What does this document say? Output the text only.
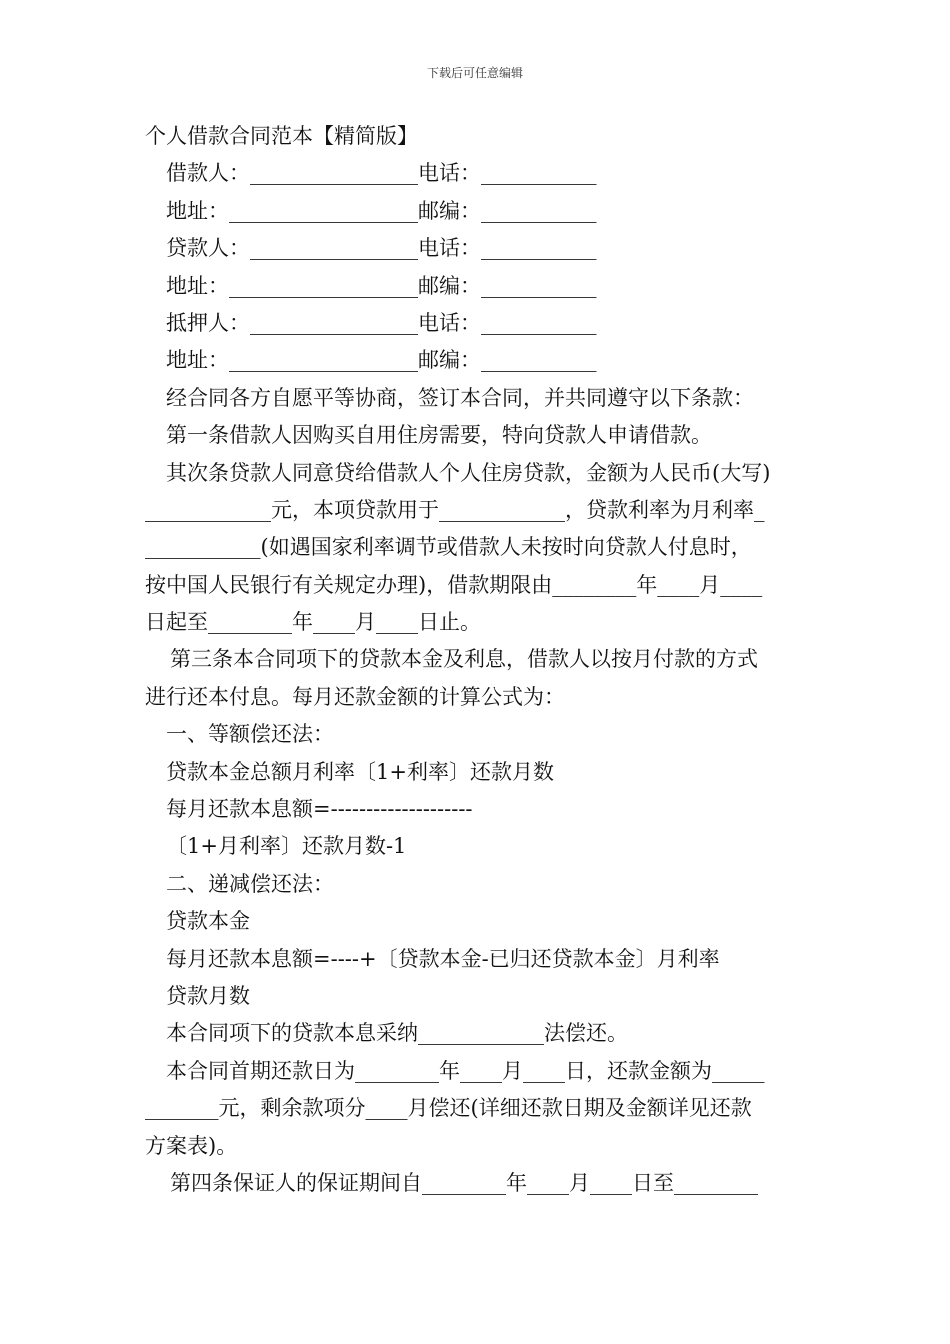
下载后可任意编辑
个人借款合同范本【精简版】
借款人：________________电话：___________
地址：__________________邮编：___________
贷款人：________________电话：___________
地址：__________________邮编：___________
抵押人：________________电话：___________
地址：__________________邮编：___________
经合同各方自愿平等协商，签订本合同，并共同遵守以下条款：
第一条借款人因购买自用住房需要，特向贷款人申请借款。
其次条贷款人同意贷给借款人个人住房贷款，金额为人民币(大写)
____________元，本项贷款用于____________，贷款利率为月利率_
___________(如遇国家利率调节或借款人未按时向贷款人付息时，
按中国人民银行有关规定办理)，借款期限由________年____月____
日起至________年____月____日止。
第三条本合同项下的贷款本金及利息，借款人以按月付款的方式
进行还本付息。每月还款金额的计算公式为：
一、等额偿还法：
贷款本金总额月利率〔1+利率〕还款月数
每月还款本息额=--------------------
〔1+月利率〕还款月数-1
二、递减偿还法：
贷款本金
每月还款本息额=----+〔贷款本金-已归还贷款本金〕月利率
贷款月数
本合同项下的贷款本息采纳____________法偿还。
本合同首期还款日为________年____月____日，还款金额为_____
_______元，剩余款项分____月偿还(详细还款日期及金额详见还款
方案表)。
第四条保证人的保证期间自________年____月____日至________
